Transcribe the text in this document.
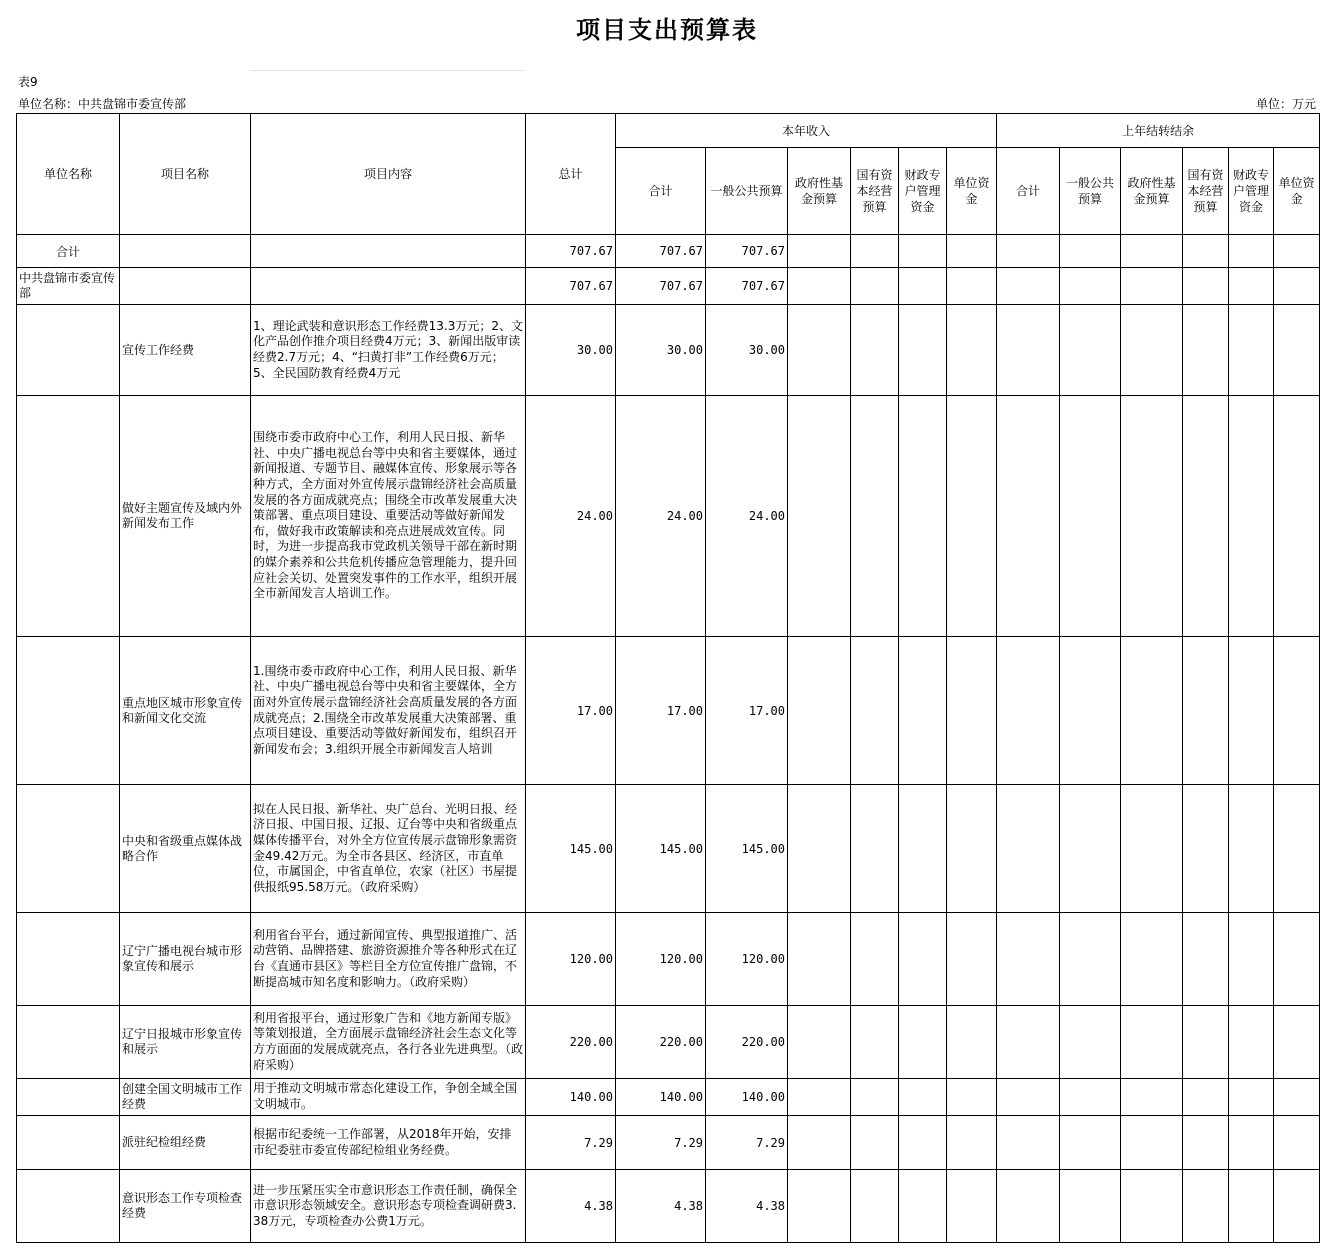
项目支出预算表
表9
单位名称：中共盘锦市委宣传部	单位：万元
单位名称	项目名称	项目内容	总计	本年收入						上年结转结余					
				合计	一般公共预算	政府性基金预算	国有资本经营预算	财政专户管理资金	单位资金	合计	一般公共预算	政府性基金预算	国有资本经营预算	财政专户管理资金	单位资金
合计			707.67	707.67	707.67										
中共盘锦市委宣传部			707.67	707.67	707.67										
	宣传工作经费	1、理论武装和意识形态工作经费13.3万元；2、文化产品创作推介项目经费4万元；3、新闻出版审读经费2.7万元；4、“扫黄打非”工作经费6万元；5、全民国防教育经费4万元	30.00	30.00	30.00										
	做好主题宣传及域内外新闻发布工作	围绕市委市政府中心工作，利用人民日报、新华社、中央广播电视总台等中央和省主要媒体，通过新闻报道、专题节目、融媒体宣传、形象展示等各种方式，全方面对外宣传展示盘锦经济社会高质量发展的各方面成就亮点；围绕全市改革发展重大决策部署、重点项目建设、重要活动等做好新闻发布，做好我市政策解读和亮点进展成效宣传。同时，为进一步提高我市党政机关领导干部在新时期的媒介素养和公共危机传播应急管理能力，提升回应社会关切、处置突发事件的工作水平，组织开展全市新闻发言人培训工作。	24.00	24.00	24.00										
	重点地区城市形象宣传和新闻文化交流	1.围绕市委市政府中心工作，利用人民日报、新华社、中央广播电视总台等中央和省主要媒体，全方面对外宣传展示盘锦经济社会高质量发展的各方面成就亮点；2.围绕全市改革发展重大决策部署、重点项目建设、重要活动等做好新闻发布，组织召开新闻发布会；3.组织开展全市新闻发言人培训	17.00	17.00	17.00										
	中央和省级重点媒体战略合作	拟在人民日报、新华社、央广总台、光明日报、经济日报、中国日报、辽报、辽台等中央和省级重点媒体传播平台，对外全方位宣传展示盘锦形象需资金49.42万元。为全市各县区、经济区，市直单位，市属国企，中省直单位，农家（社区）书屋提供报纸95.58万元。（政府采购）	145.00	145.00	145.00										
	辽宁广播电视台城市形象宣传和展示	利用省台平台，通过新闻宣传、典型报道推广、活动营销、品牌搭建、旅游资源推介等各种形式在辽台《直通市县区》等栏目全方位宣传推广盘锦，不断提高城市知名度和影响力。（政府采购）	120.00	120.00	120.00										
	辽宁日报城市形象宣传和展示	利用省报平台，通过形象广告和《地方新闻专版》等策划报道，全方面展示盘锦经济社会生态文化等方方面面的发展成就亮点，各行各业先进典型。（政府采购）	220.00	220.00	220.00										
	创建全国文明城市工作经费	用于推动文明城市常态化建设工作，争创全域全国文明城市。	140.00	140.00	140.00										
	派驻纪检组经费	根据市纪委统一工作部署，从2018年开始，安排市纪委驻市委宣传部纪检组业务经费。	7.29	7.29	7.29										
	意识形态工作专项检查经费	进一步压紧压实全市意识形态工作责任制，确保全市意识形态领域安全。意识形态专项检查调研费3.38万元，专项检查办公费1万元。	4.38	4.38	4.38										
